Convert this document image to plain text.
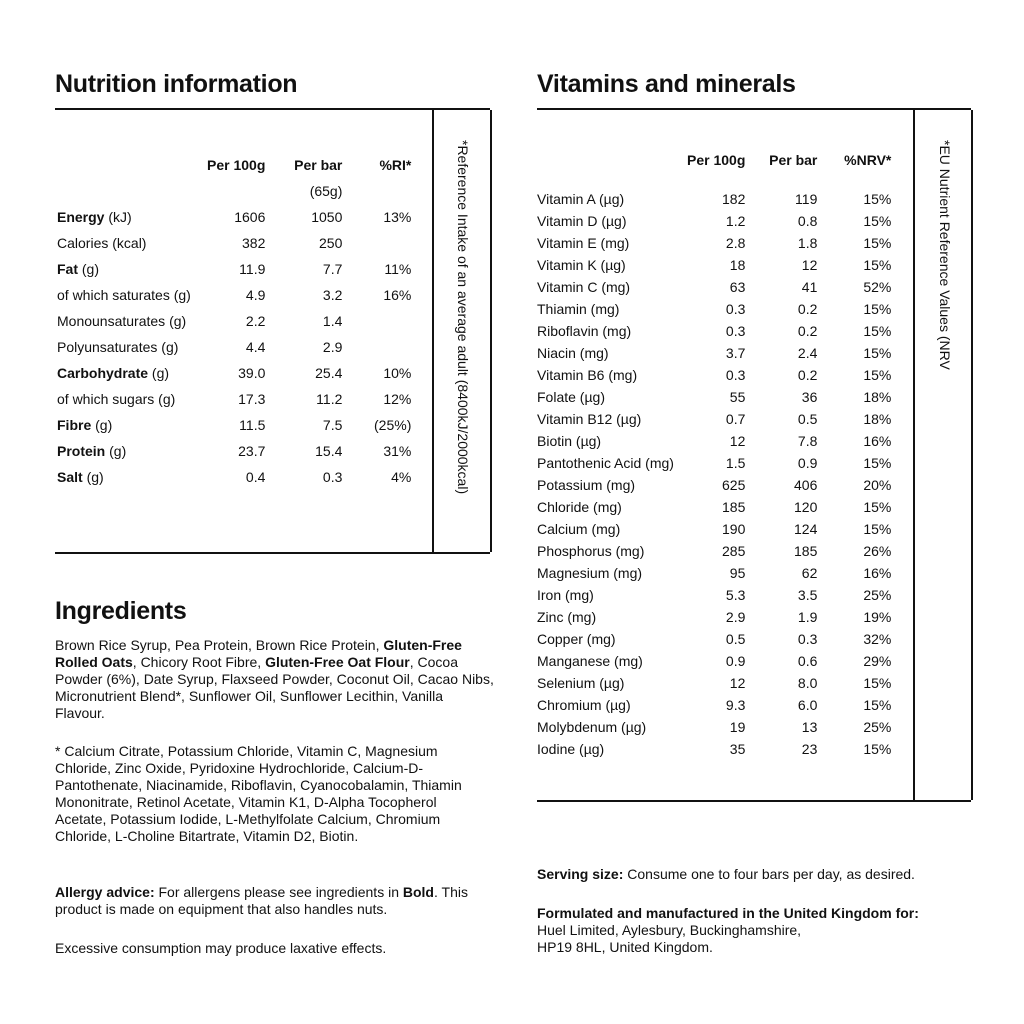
Nutrition information
*Reference Intake of an average adult (8400kJ/2000kcal)
	Per 100g	Per bar	%RI*
		(65g)	
Energy (kJ)	1606	1050	13%
Calories (kcal)	382	250	
Fat (g)	11.9	7.7	11%
of which saturates (g)	4.9	3.2	16%
Monounsaturates (g)	2.2	1.4	
Polyunsaturates (g)	4.4	2.9	
Carbohydrate (g)	39.0	25.4	10%
of which sugars (g)	17.3	11.2	12%
Fibre (g)	11.5	7.5	(25%)
Protein (g)	23.7	15.4	31%
Salt (g)	0.4	0.3	4%
Vitamins and minerals
*EU Nutrient Reference Values (NRV
	Per 100g	Per bar	%NRV*
Vitamin A (µg)	182	119	15%
Vitamin D (µg)	1.2	0.8	15%
Vitamin E (mg)	2.8	1.8	15%
Vitamin K (µg)	18	12	15%
Vitamin C (mg)	63	41	52%
Thiamin (mg)	0.3	0.2	15%
Riboflavin (mg)	0.3	0.2	15%
Niacin (mg)	3.7	2.4	15%
Vitamin B6 (mg)	0.3	0.2	15%
Folate (µg)	55	36	18%
Vitamin B12 (µg)	0.7	0.5	18%
Biotin (µg)	12	7.8	16%
Pantothenic Acid (mg)	1.5	0.9	15%
Potassium (mg)	625	406	20%
Chloride (mg)	185	120	15%
Calcium (mg)	190	124	15%
Phosphorus (mg)	285	185	26%
Magnesium (mg)	95	62	16%
Iron (mg)	5.3	3.5	25%
Zinc (mg)	2.9	1.9	19%
Copper (mg)	0.5	0.3	32%
Manganese (mg)	0.9	0.6	29%
Selenium (µg)	12	8.0	15%
Chromium (µg)	9.3	6.0	15%
Molybdenum (µg)	19	13	25%
Iodine (µg)	35	23	15%
Ingredients

Brown Rice Syrup, Pea Protein, Brown Rice Protein, Gluten-Free Rolled Oats, Chicory Root Fibre, Gluten-Free Oat Flour, Cocoa Powder (6%), Date Syrup, Flaxseed Powder, Coconut Oil, Cacao Nibs, Micronutrient Blend*, Sunflower Oil, Sunflower Lecithin, Vanilla Flavour.

* Calcium Citrate, Potassium Chloride, Vitamin C, Magnesium Chloride, Zinc Oxide, Pyridoxine Hydrochloride, Calcium-D-Pantothenate, Niacinamide, Riboflavin, Cyanocobalamin, Thiamin Mononitrate, Retinol Acetate, Vitamin K1, D-Alpha Tocopherol Acetate, Potassium Iodide, L-Methylfolate Calcium, Chromium Chloride, L-Choline Bitartrate, Vitamin D2, Biotin.

Allergy advice: For allergens please see ingredients in Bold. This product is made on equipment that also handles nuts.

Excessive consumption may produce laxative effects.

Serving size: Consume one to four bars per day, as desired.

Formulated and manufactured in the United Kingdom for:

Huel Limited, Aylesbury, Buckinghamshire,

HP19 8HL, United Kingdom.
